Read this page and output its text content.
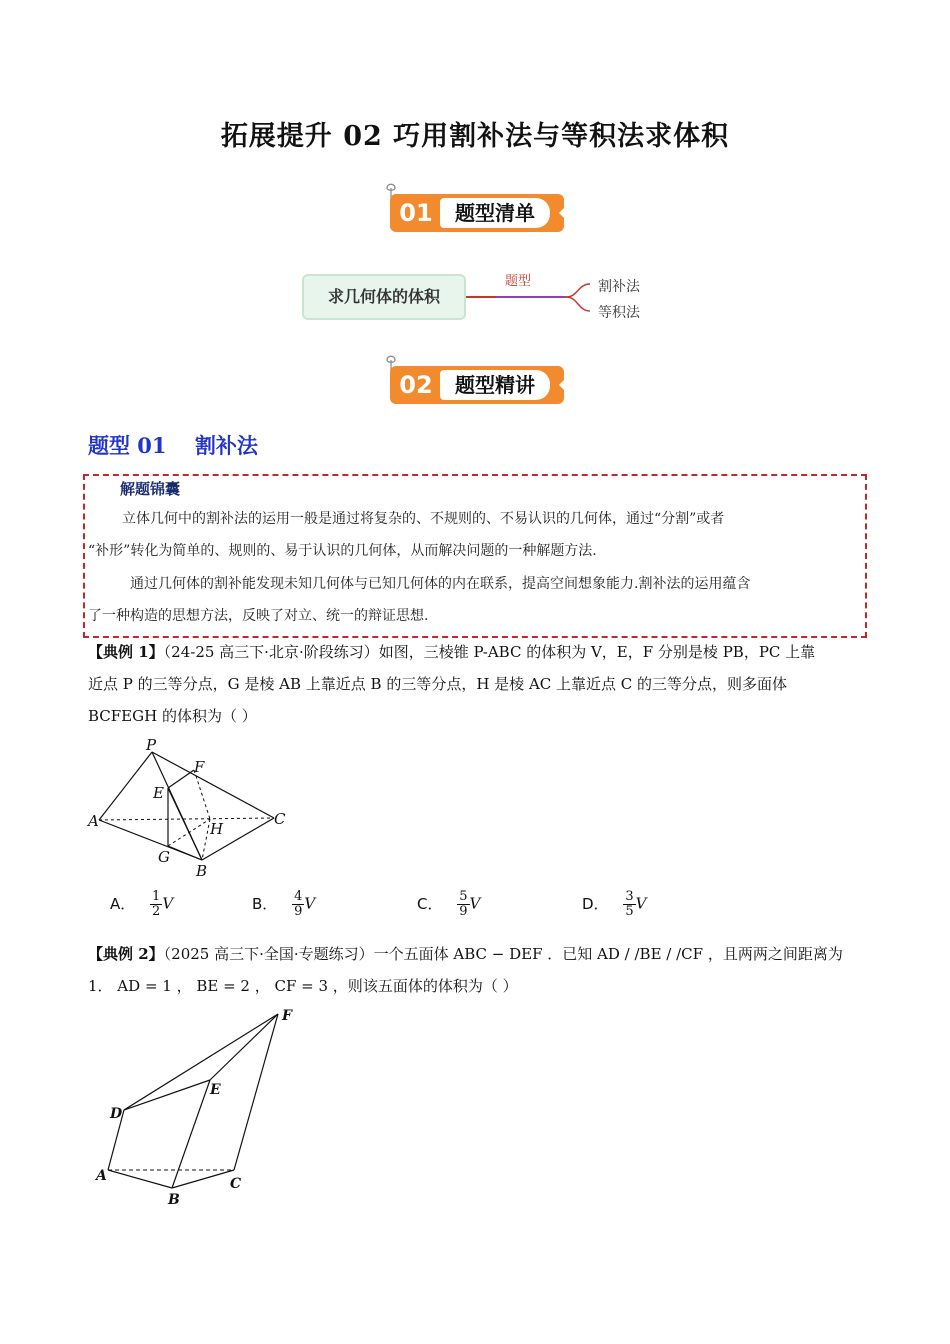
拓展提升 02 巧用割补法与等积法求体积
01	题型清单
求几何体的体积
题型	割补法
等积法
02	题型精讲
题型 01　 割补法
解题锦囊
立体几何中的割补法的运用一般是通过将复杂的、不规则的、不易认识的几何体，通过“分割”或者
“补形”转化为简单的、规则的、易于认识的几何体，从而解决问题的一种解题方法.
通过几何体的割补能发现未知几何体与已知几何体的内在联系，提高空间想象能力.割补法的运用蕴含
了一种构造的思想方法，反映了对立、统一的辩证思想.
【典例 1】（24-25 高三下·北京·阶段练习）如图，三棱锥 P-ABC 的体积为 V，E，F 分别是棱 PB，PC 上靠
近点 P 的三等分点，G 是棱 AB 上靠近点 B 的三等分点，H 是棱 AC 上靠近点 C 的三等分点，则多面体
BCFEGH 的体积为（ ）
P
F
E
A	H
C
G
B
A． $\frac{1}{2}$ V	B． $\frac{4}{9}$ V	C． $\frac{5}{9}$ V	D． $\frac{3}{5}$ V
【典例 2】（2025 高三下·全国·专题练习）一个五面体 ABC − DEF ．已知 AD / /BE / /CF ，且两两之间距离为
1． AD = 1 ， BE = 2 ， CF = 3 ，则该五面体的体积为（ ）
F
E
D
A
B
C
